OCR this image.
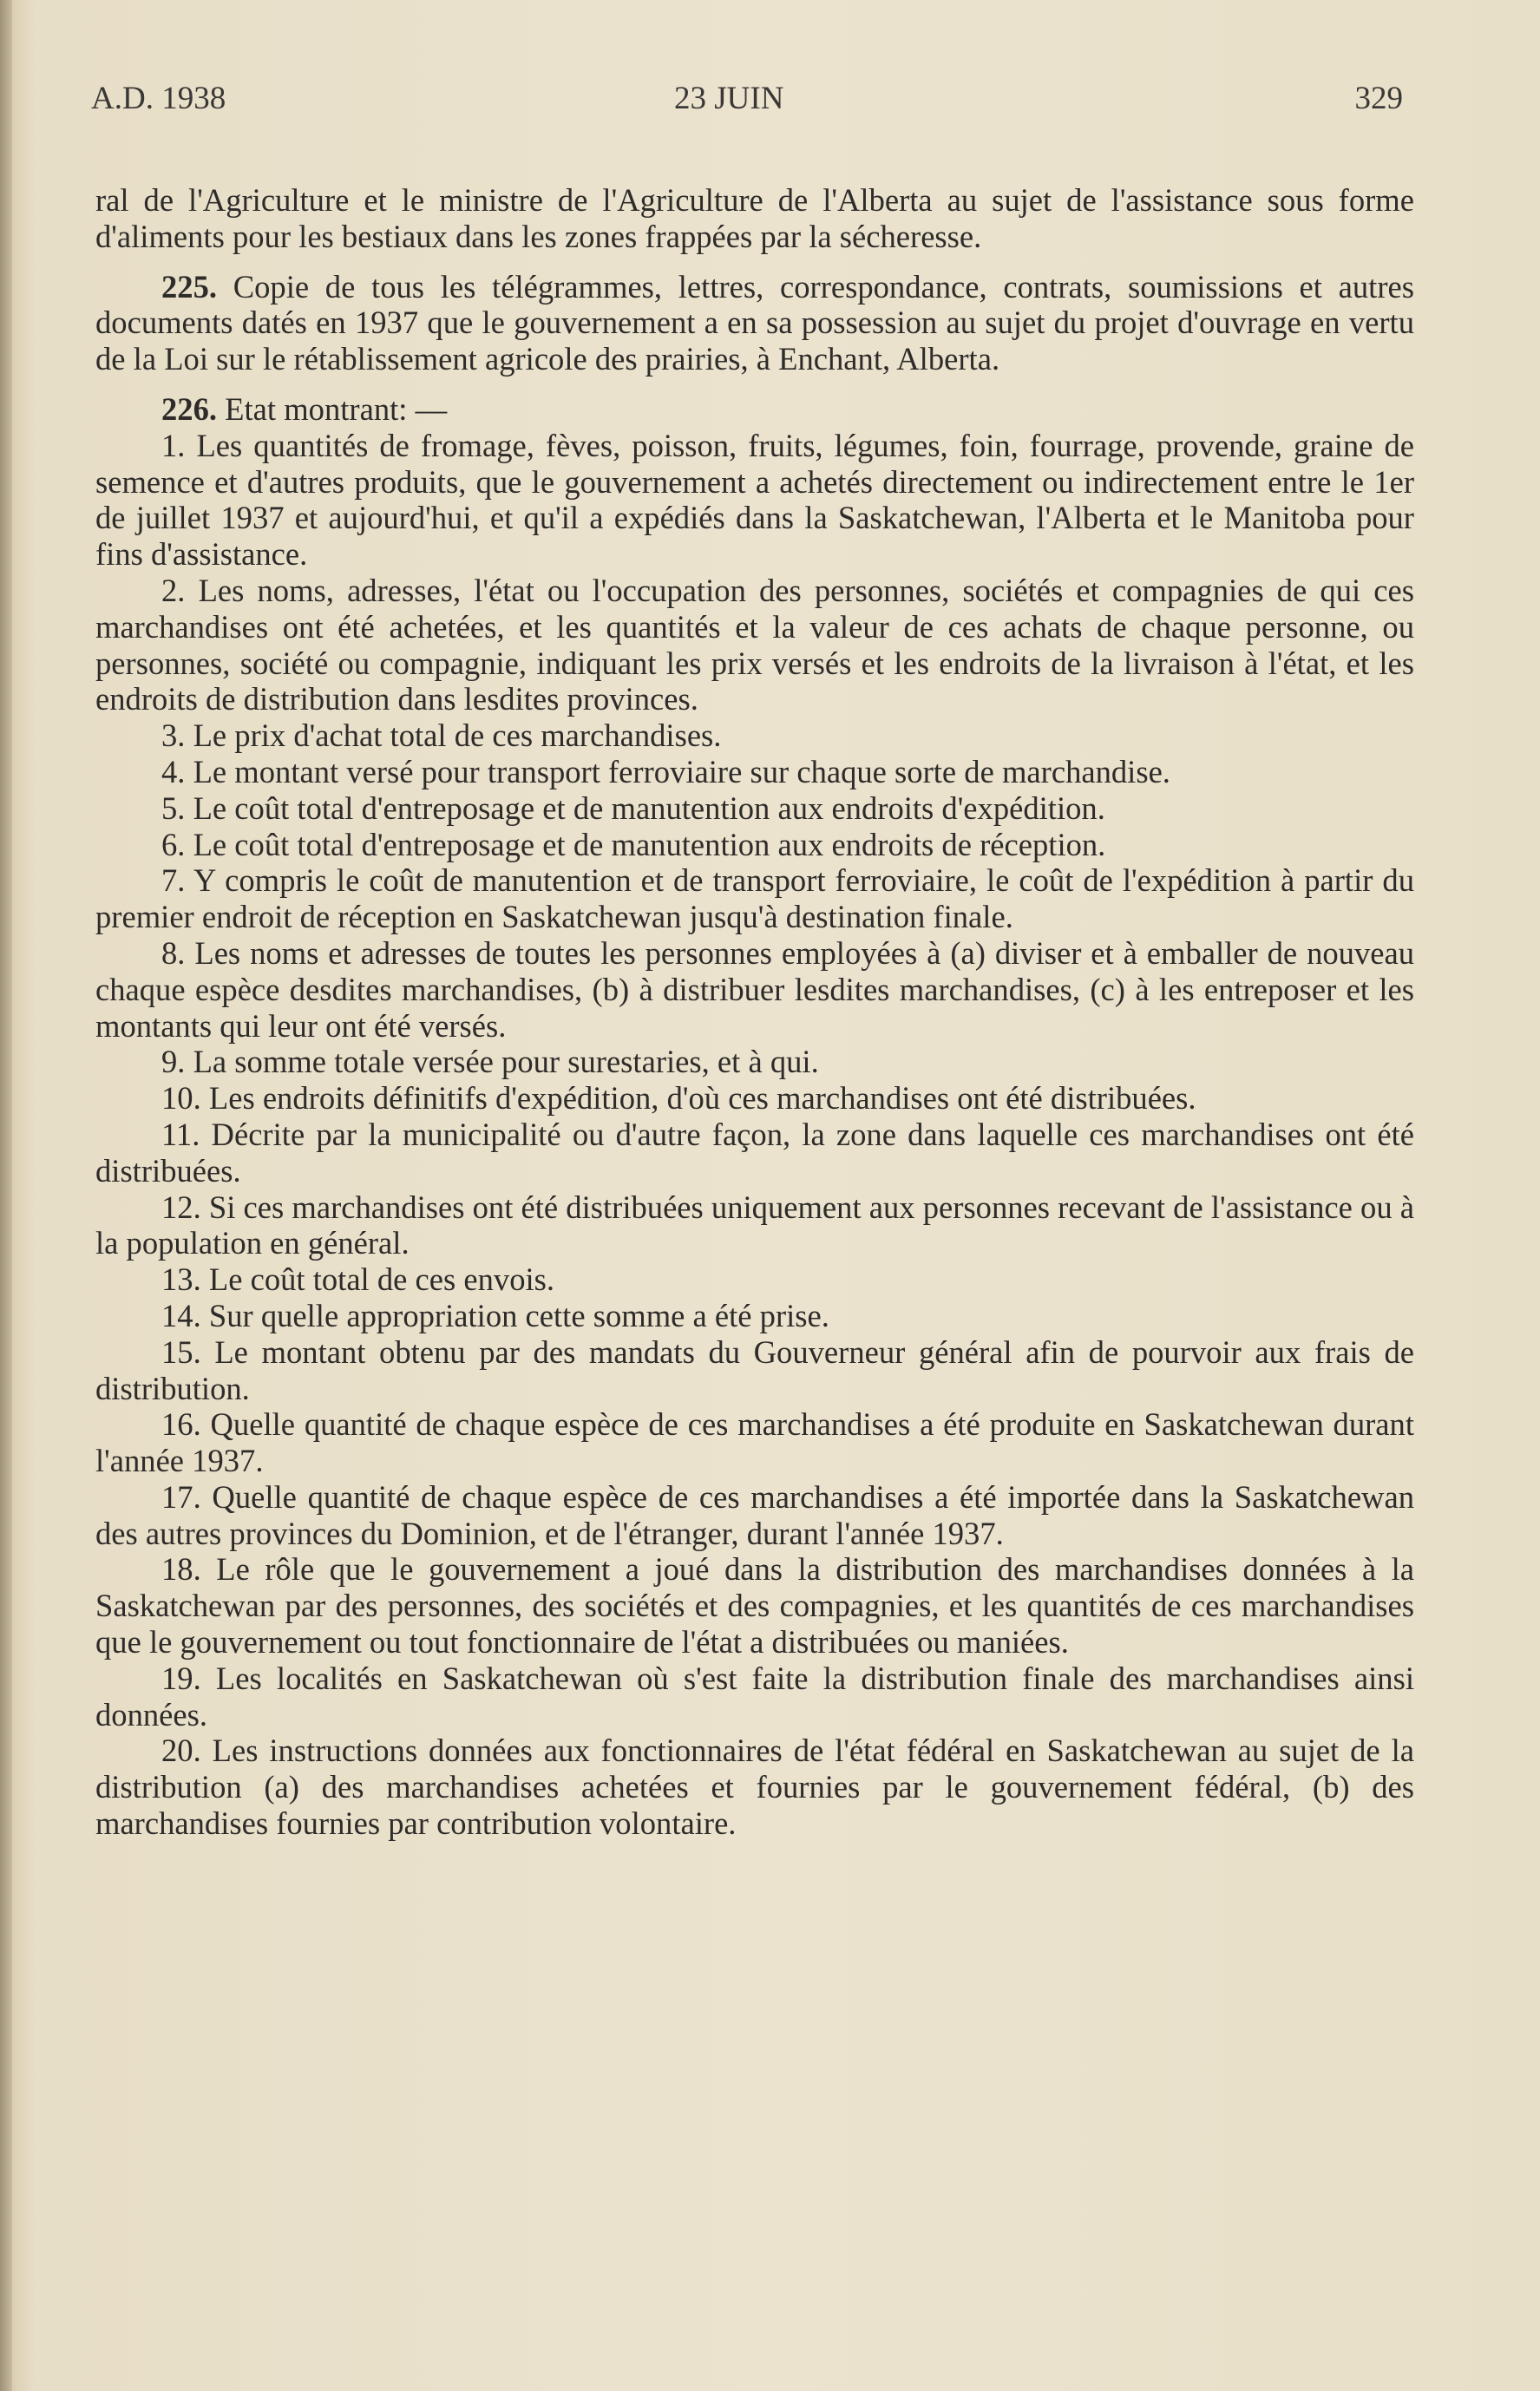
A.D. 1938	23 JUIN	329

ral de l'Agriculture et le ministre de l'Agriculture de l'Alberta au sujet de l'assistance sous forme d'aliments pour les bestiaux dans les zones frappées par la sécheresse.

225. Copie de tous les télégrammes, lettres, correspondance, contrats, soumissions et autres documents datés en 1937 que le gouvernement a en sa possession au sujet du projet d'ouvrage en vertu de la Loi sur le rétablissement agricole des prairies, à Enchant, Alberta.

226. Etat montrant: —

1. Les quantités de fromage, fèves, poisson, fruits, légumes, foin, fourrage, provende, graine de semence et d'autres produits, que le gouvernement a achetés directement ou indirectement entre le 1er de juillet 1937 et aujourd'hui, et qu'il a expédiés dans la Saskatchewan, l'Alberta et le Manitoba pour fins d'assistance.

2. Les noms, adresses, l'état ou l'occupation des personnes, sociétés et compagnies de qui ces marchandises ont été achetées, et les quantités et la valeur de ces achats de chaque personne, ou personnes, société ou compagnie, indiquant les prix versés et les endroits de la livraison à l'état, et les endroits de distribution dans lesdites provinces.

3. Le prix d'achat total de ces marchandises.

4. Le montant versé pour transport ferroviaire sur chaque sorte de marchandise.

5. Le coût total d'entreposage et de manutention aux endroits d'expédition.

6. Le coût total d'entreposage et de manutention aux endroits de réception.

7. Y compris le coût de manutention et de transport ferroviaire, le coût de l'expédition à partir du premier endroit de réception en Saskatchewan jusqu'à destination finale.

8. Les noms et adresses de toutes les personnes employées à (a) diviser et à emballer de nouveau chaque espèce desdites marchandises, (b) à distribuer lesdites marchandises, (c) à les entreposer et les montants qui leur ont été versés.

9. La somme totale versée pour surestaries, et à qui.

10. Les endroits définitifs d'expédition, d'où ces marchandises ont été distribuées.

11. Décrite par la municipalité ou d'autre façon, la zone dans laquelle ces marchandises ont été distribuées.

12. Si ces marchandises ont été distribuées uniquement aux personnes recevant de l'assistance ou à la population en général.

13. Le coût total de ces envois.

14. Sur quelle appropriation cette somme a été prise.

15. Le montant obtenu par des mandats du Gouverneur général afin de pourvoir aux frais de distribution.

16. Quelle quantité de chaque espèce de ces marchandises a été produite en Saskatchewan durant l'année 1937.

17. Quelle quantité de chaque espèce de ces marchandises a été importée dans la Saskatchewan des autres provinces du Dominion, et de l'étranger, durant l'année 1937.

18. Le rôle que le gouvernement a joué dans la distribution des marchandises données à la Saskatchewan par des personnes, des sociétés et des compagnies, et les quantités de ces marchandises que le gouvernement ou tout fonctionnaire de l'état a distribuées ou maniées.

19. Les localités en Saskatchewan où s'est faite la distribution finale des marchandises ainsi données.

20. Les instructions données aux fonctionnaires de l'état fédéral en Saskatchewan au sujet de la distribution (a) des marchandises achetées et fournies par le gouvernement fédéral, (b) des marchandises fournies par contribution volontaire.
